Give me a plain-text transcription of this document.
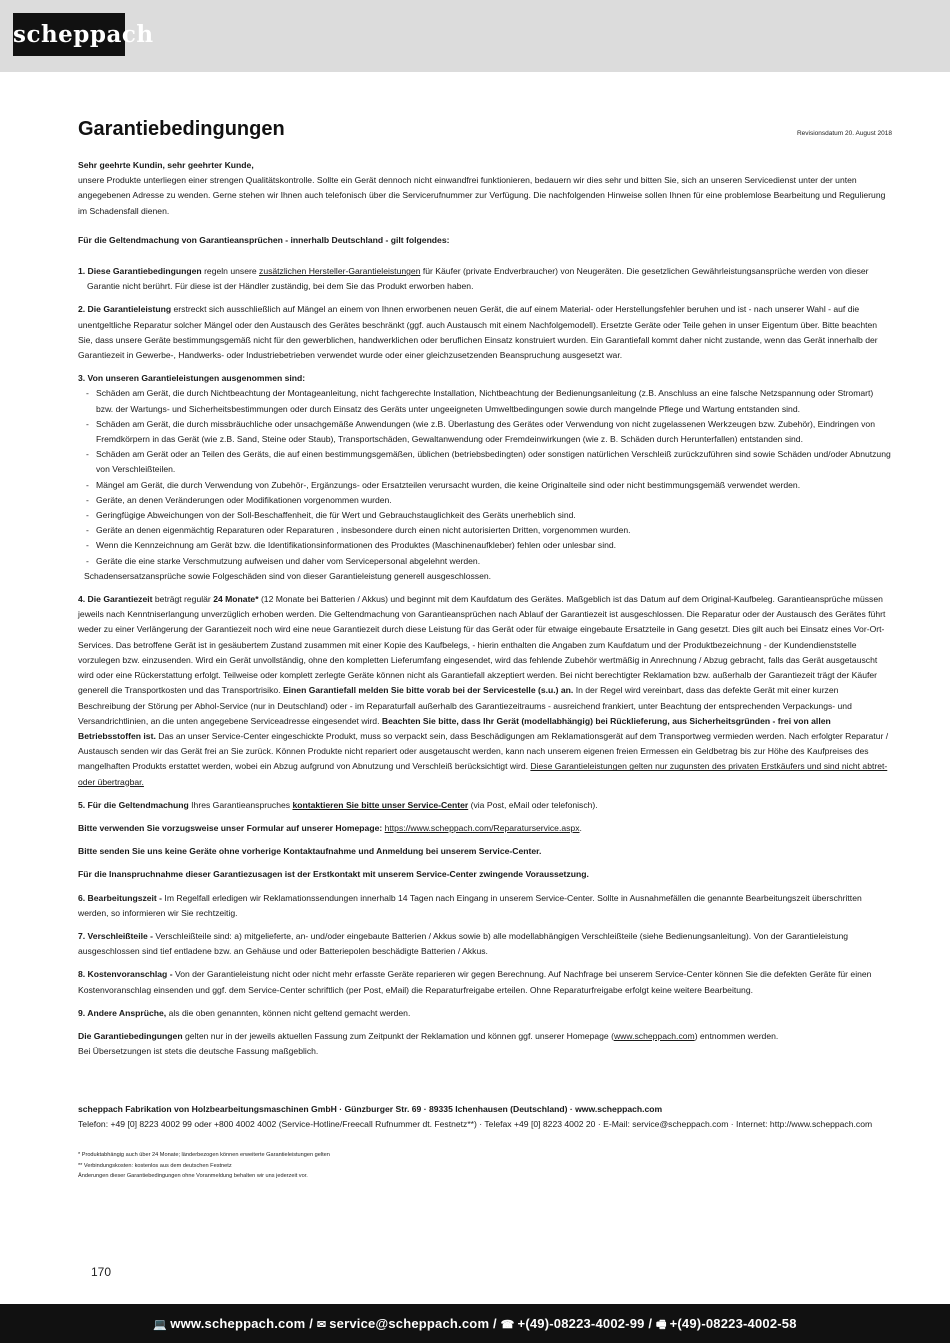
scheppach
Garantiebedingungen	Revisionsdatum 20. August 2018

Sehr geehrte Kundin, sehr geehrter Kunde,

unsere Produkte unterliegen einer strengen Qualitätskontrolle. Sollte ein Gerät dennoch nicht einwandfrei funktionieren, bedauern wir dies sehr und bitten Sie, sich an unseren Servicedienst unter der unten angegebenen Adresse zu wenden. Gerne stehen wir Ihnen auch telefonisch über die Servicerufnummer zur Verfügung. Die nachfolgenden Hinweise sollen Ihnen für eine problemlose Bearbeitung und Regulierung im Schadensfall dienen.

Für die Geltendmachung von Garantieansprüchen - innerhalb Deutschland - gilt folgendes:

1. Diese Garantiebedingungen regeln unsere zusätzlichen Hersteller-Garantieleistungen für Käufer (private Endverbraucher) von Neugeräten. Die gesetzlichen Gewährleistungsansprüche werden von dieser

Garantie nicht berührt. Für diese ist der Händler zuständig, bei dem Sie das Produkt erworben haben.

2. Die Garantieleistung erstreckt sich ausschließlich auf Mängel an einem von Ihnen erworbenen neuen Gerät, die auf einem Material- oder Herstellungsfehler beruhen und ist - nach unserer Wahl - auf die unentgeltliche Reparatur solcher Mängel oder den Austausch des Gerätes beschränkt (ggf. auch Austausch mit einem Nachfolgemodell). Ersetzte Geräte oder Teile gehen in unser Eigentum über. Bitte beachten Sie, dass unsere Geräte bestimmungsgemäß nicht für den gewerblichen, handwerklichen oder beruflichen Einsatz konstruiert wurden. Ein Garantiefall kommt daher nicht zustande, wenn das Gerät innerhalb der Garantiezeit in Gewerbe-, Handwerks- oder Industriebetrieben verwendet wurde oder einer gleichzusetzenden Beanspruchung ausgesetzt war.

3. Von unseren Garantieleistungen ausgenommen sind:

- Schäden am Gerät, die durch Nichtbeachtung der Montageanleitung, nicht fachgerechte Installation, Nichtbeachtung der Bedienungsanleitung (z.B. Anschluss an eine falsche Netzspannung oder Stromart) bzw. der Wartungs- und Sicherheitsbestimmungen oder durch Einsatz des Geräts unter ungeeigneten Umweltbedingungen sowie durch mangelnde Pflege und Wartung entstanden sind.
- Schäden am Gerät, die durch missbräuchliche oder unsachgemäße Anwendungen (wie z.B. Überlastung des Gerätes oder Verwendung von nicht zugelassenen Werkzeugen bzw. Zubehör), Eindringen von Fremdkörpern in das Gerät (wie z.B. Sand, Steine oder Staub), Transportschäden, Gewaltanwendung oder Fremdeinwirkungen (wie z. B. Schäden durch Herunterfallen) entstanden sind.
- Schäden am Gerät oder an Teilen des Geräts, die auf einen bestimmungsgemäßen, üblichen (betriebsbedingten) oder sonstigen natürlichen Verschleiß zurückzuführen sind sowie Schäden und/oder Abnutzung von Verschleißteilen.
- Mängel am Gerät, die durch Verwendung von Zubehör-, Ergänzungs- oder Ersatzteilen verursacht wurden, die keine Originalteile sind oder nicht bestimmungsgemäß verwendet werden.
- Geräte, an denen Veränderungen oder Modifikationen vorgenommen wurden.
- Geringfügige Abweichungen von der Soll-Beschaffenheit, die für Wert und Gebrauchstauglichkeit des Geräts unerheblich sind.
- Geräte an denen eigenmächtig Reparaturen oder Reparaturen , insbesondere durch einen nicht autorisierten Dritten, vorgenommen wurden.
- Wenn die Kennzeichnung am Gerät bzw. die Identifikationsinformationen des Produktes (Maschinenaufkleber) fehlen oder unlesbar sind.
- Geräte die eine starke Verschmutzung aufweisen und daher vom Servicepersonal abgelehnt werden.

Schadensersatzansprüche sowie Folgeschäden sind von dieser Garantieleistung generell ausgeschlossen.

4. Die Garantiezeit beträgt regulär 24 Monate* (12 Monate bei Batterien / Akkus) und beginnt mit dem Kaufdatum des Gerätes. Maßgeblich ist das Datum auf dem Original-Kaufbeleg. Garantieansprüche müssen jeweils nach Kenntniserlangung unverzüglich erhoben werden. Die Geltendmachung von Garantieansprüchen nach Ablauf der Garantiezeit ist ausgeschlossen. Die Reparatur oder der Austausch des Gerätes führt weder zu einer Verlängerung der Garantiezeit noch wird eine neue Garantiezeit durch diese Leistung für das Gerät oder für etwaige eingebaute Ersatzteile in Gang gesetzt. Dies gilt auch bei Einsatz eines Vor-Ort-Services. Das betroffene Gerät ist in gesäubertem Zustand zusammen mit einer Kopie des Kaufbelegs, - hierin enthalten die Angaben zum Kaufdatum und der Produktbezeichnung - der Kundendienststelle vorzulegen bzw. einzusenden. Wird ein Gerät unvollständig, ohne den kompletten Lieferumfang eingesendet, wird das fehlende Zubehör wertmäßig in Anrechnung / Abzug gebracht, falls das Gerät ausgetauscht wird oder eine Rückerstattung erfolgt. Teilweise oder komplett zerlegte Geräte können nicht als Garantiefall akzeptiert werden. Bei nicht berechtigter Reklamation bzw. außerhalb der Garantiezeit trägt der Käufer generell die Transportkosten und das Transportrisiko. Einen Garantiefall melden Sie bitte vorab bei der Servicestelle (s.u.) an. In der Regel wird vereinbart, dass das defekte Gerät mit einer kurzen Beschreibung der Störung per Abhol-Service (nur in Deutschland) oder - im Reparaturfall außerhalb des Garantiezeitraums - ausreichend frankiert, unter Beachtung der entsprechenden Verpackungs- und Versandrichtlinien, an die unten angegebene Serviceadresse eingesendet wird. Beachten Sie bitte, dass Ihr Gerät (modellabhängig) bei Rücklieferung, aus Sicherheitsgründen - frei von allen Betriebsstoffen ist. Das an unser Service-Center eingeschickte Produkt, muss so verpackt sein, dass Beschädigungen am Reklamationsgerät auf dem Transportweg vermieden werden. Nach erfolgter Reparatur / Austausch senden wir das Gerät frei an Sie zurück. Können Produkte nicht repariert oder ausgetauscht werden, kann nach unserem eigenen freien Ermessen ein Geldbetrag bis zur Höhe des Kaufpreises des mangelhaften Produkts erstattet werden, wobei ein Abzug aufgrund von Abnutzung und Verschleiß berücksichtigt wird. Diese Garantieleistungen gelten nur zugunsten des privaten Erstkäufers und sind nicht abtret- oder übertragbar.

5. Für die Geltendmachung Ihres Garantieanspruches kontaktieren Sie bitte unser Service-Center (via Post, eMail oder telefonisch).

Bitte verwenden Sie vorzugsweise unser Formular auf unserer Homepage: https://www.scheppach.com/Reparaturservice.aspx.

Bitte senden Sie uns keine Geräte ohne vorherige Kontaktaufnahme und Anmeldung bei unserem Service-Center.

Für die Inanspruchnahme dieser Garantiezusagen ist der Erstkontakt mit unserem Service-Center zwingende Voraussetzung.

6. Bearbeitungszeit - Im Regelfall erledigen wir Reklamationssendungen innerhalb 14 Tagen nach Eingang in unserem Service-Center. Sollte in Ausnahmefällen die genannte Bearbeitungszeit überschritten werden, so informieren wir Sie rechtzeitig.

7. Verschleißteile - Verschleißteile sind: a) mitgelieferte, an- und/oder eingebaute Batterien / Akkus sowie b) alle modellabhängigen Verschleißteile (siehe Bedienungsanleitung). Von der Garantieleistung ausgeschlossen sind tief entladene bzw. an Gehäuse und oder Batteriepolen beschädigte Batterien / Akkus.

8. Kostenvoranschlag - Von der Garantieleistung nicht oder nicht mehr erfasste Geräte reparieren wir gegen Berechnung. Auf Nachfrage bei unserem Service-Center können Sie die defekten Geräte für einen Kostenvoranschlag einsenden und ggf. dem Service-Center schriftlich (per Post, eMail) die Reparaturfreigabe erteilen. Ohne Reparaturfreigabe erfolgt keine weitere Bearbeitung.

9. Andere Ansprüche, als die oben genannten, können nicht geltend gemacht werden.

Die Garantiebedingungen gelten nur in der jeweils aktuellen Fassung zum Zeitpunkt der Reklamation und können ggf. unserer Homepage (www.scheppach.com) entnommen werden.

Bei Übersetzungen ist stets die deutsche Fassung maßgeblich.

scheppach Fabrikation von Holzbearbeitungsmaschinen GmbH · Günzburger Str. 69 · 89335 Ichenhausen (Deutschland) · www.scheppach.com

Telefon: +49 [0] 8223 4002 99 oder +800 4002 4002 (Service-Hotline/Freecall Rufnummer dt. Festnetz**) · Telefax +49 [0] 8223 4002 20 · E-Mail: service@scheppach.com · Internet: http://www.scheppach.com

* Produktabhängig auch über 24 Monate; länderbezogen können erweiterte Garantieleistungen gelten

** Verbindungskosten: kostenlos aus dem deutschen Festnetz

Änderungen dieser Garantiebedingungen ohne Voranmeldung behalten wir uns jederzeit vor.

170
💻 www.scheppach.com / ✉ service@scheppach.com / ☎ +(49)-08223-4002-99 / 🖷 +(49)-08223-4002-58
